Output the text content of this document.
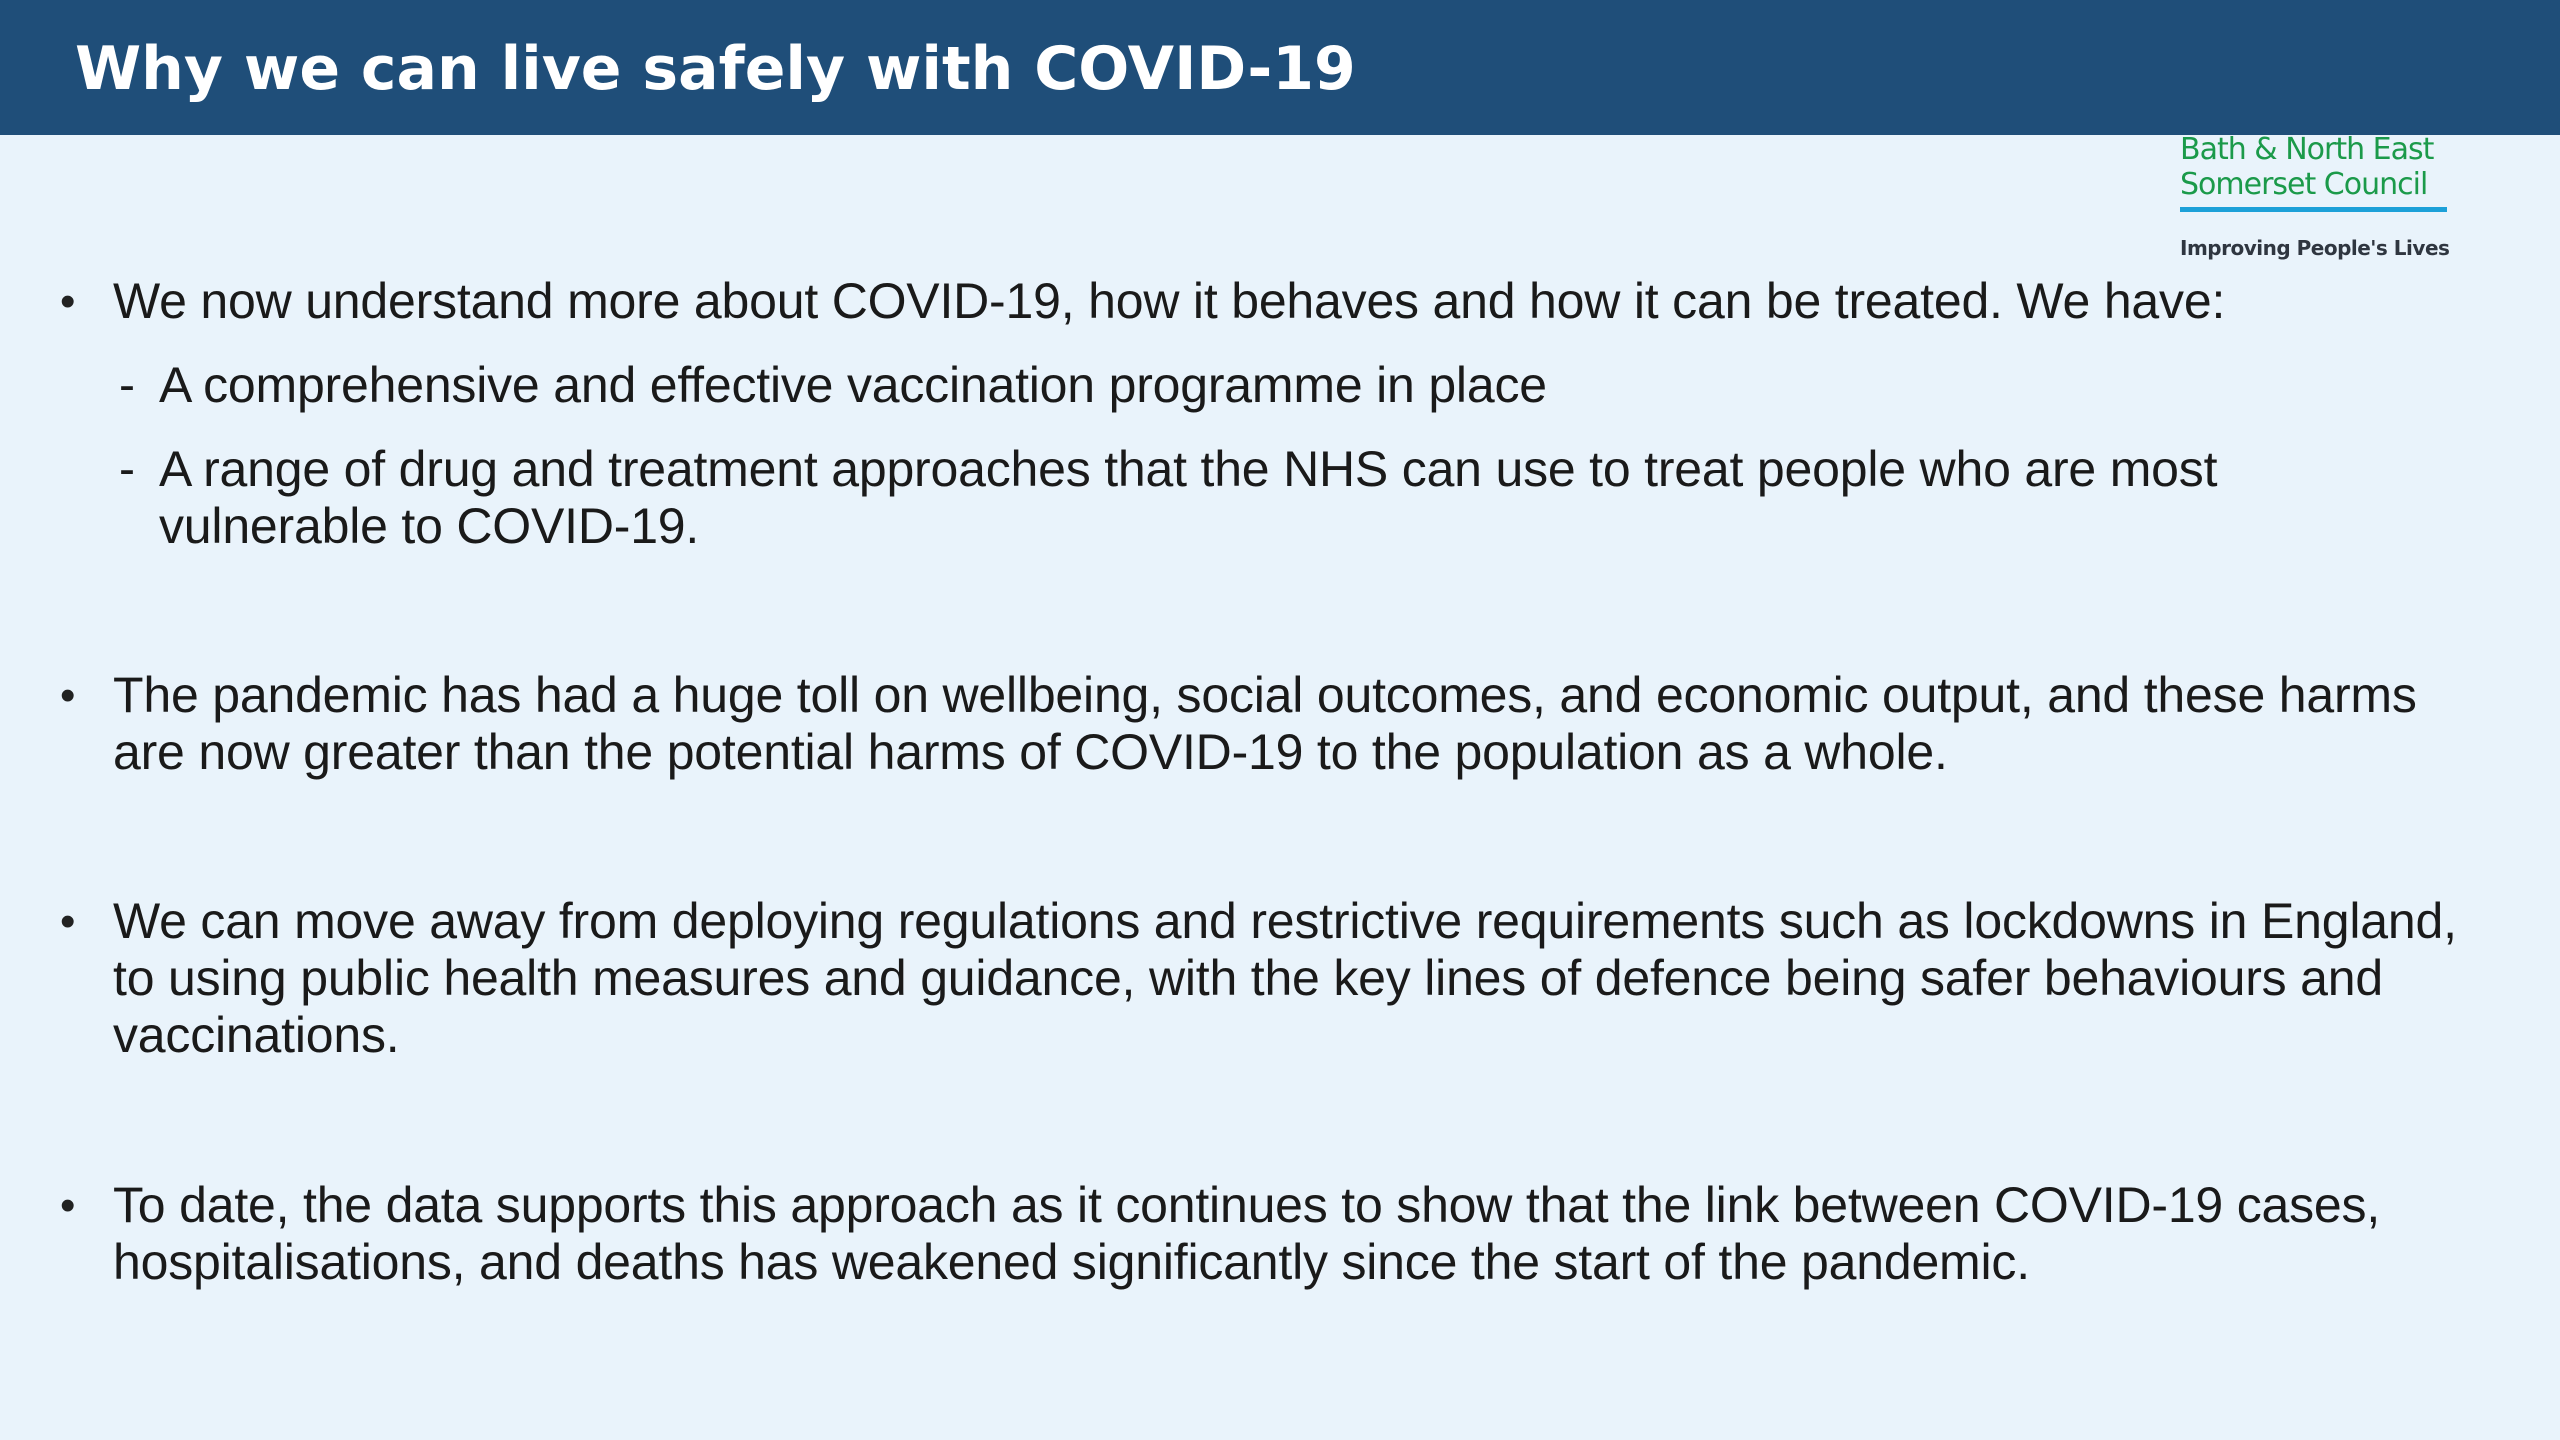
Why we can live safely with COVID-19
Bath & North East
Somerset Council
Improving People's Lives
• We now understand more about COVID-19, how it behaves and how it can be treated. We have:
- A comprehensive and effective vaccination programme in place
- A range of drug and treatment approaches that the NHS can use to treat people who are most vulnerable to COVID-19.
• The pandemic has had a huge toll on wellbeing, social outcomes, and economic output, and these harms are now greater than the potential harms of COVID-19 to the population as a whole.
• We can move away from deploying regulations and restrictive requirements such as lockdowns in England, to using public health measures and guidance, with the key lines of defence being safer behaviours and vaccinations.
• To date, the data supports this approach as it continues to show that the link between COVID-19 cases, hospitalisations, and deaths has weakened significantly since the start of the pandemic.
